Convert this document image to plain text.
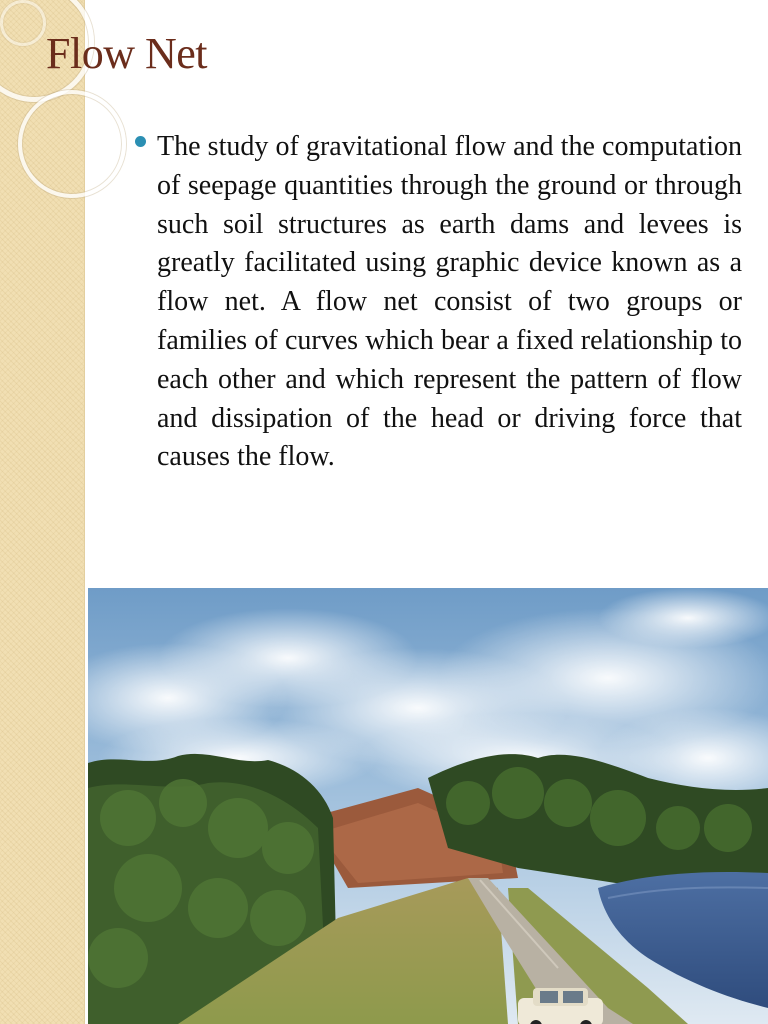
Flow Net

The study of gravitational flow and the computation of seepage quantities through the ground or through such soil structures as earth dams and levees is greatly facilitated using graphic device known as a flow net. A flow net consist of two groups or families of curves which bear a fixed relationship to each other and which represent the pattern of flow and dissipation of the head or driving force that causes the flow.
